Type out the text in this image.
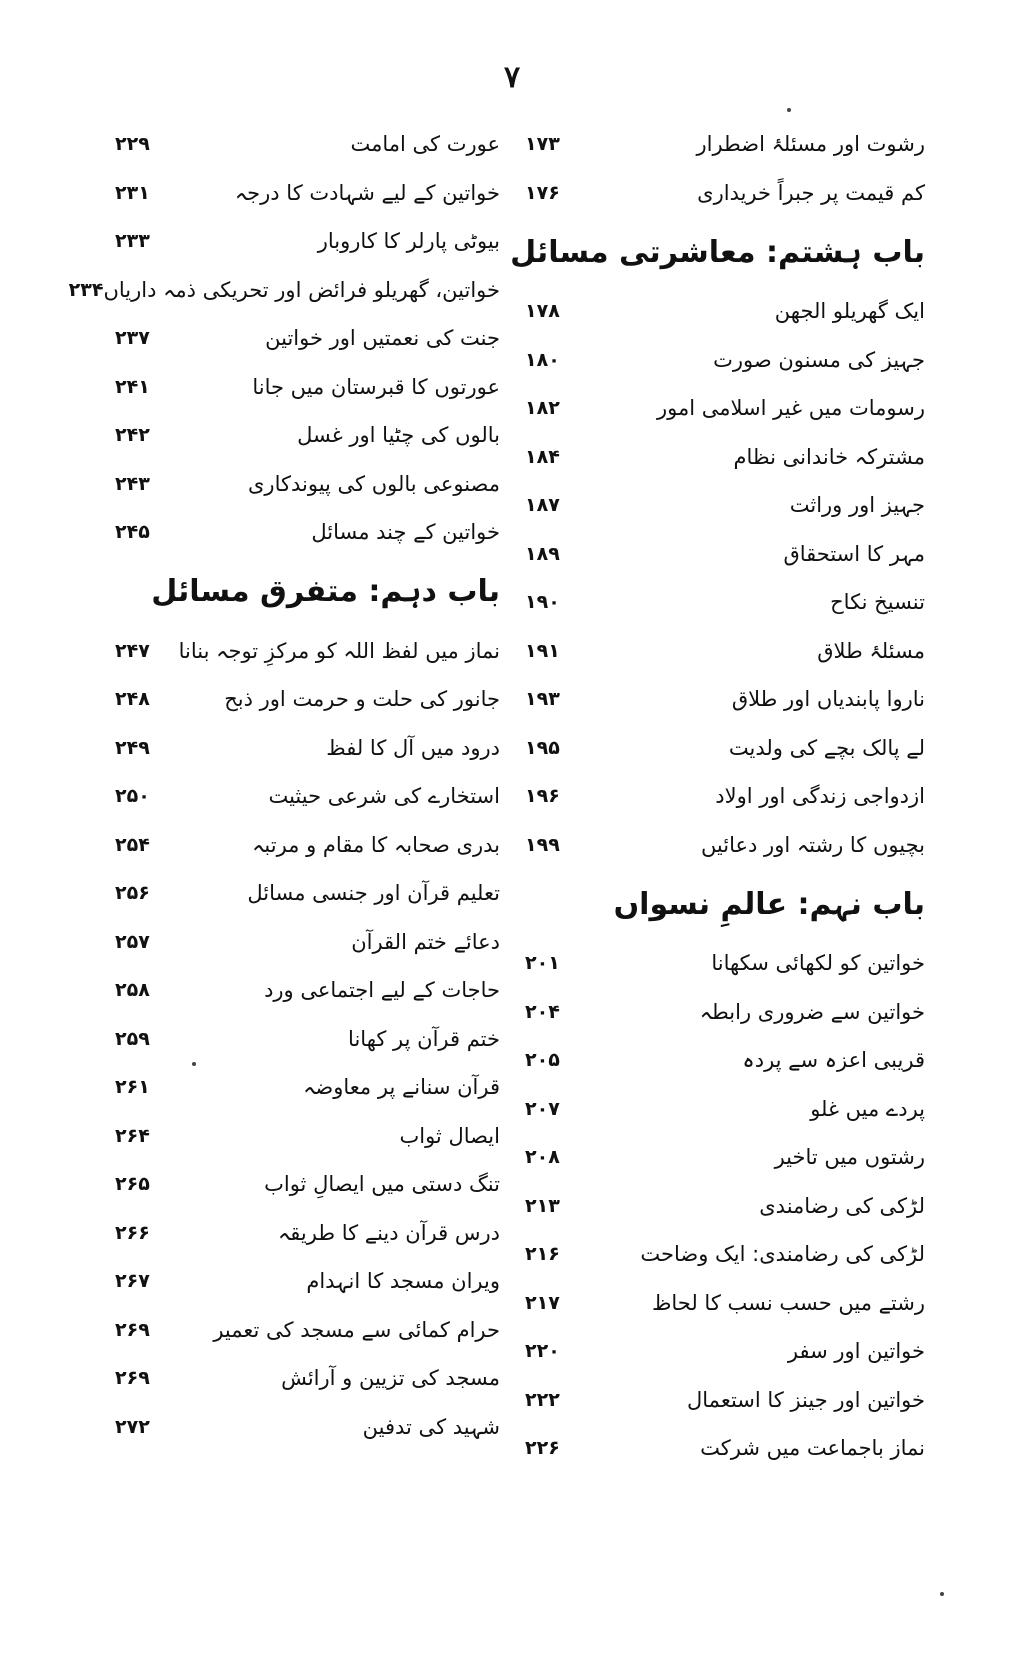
۷
رشوت اور مسئلۂ اضطرار
۱۷۳
کم قیمت پر جبراً خریداری
۱۷۶
باب ہشتم: معاشرتی مسائل
ایک گھریلو الجھن
۱۷۸
جہیز کی مسنون صورت
۱۸۰
رسومات میں غیر اسلامی امور
۱۸۲
مشترکہ خاندانی نظام
۱۸۴
جہیز اور وراثت
۱۸۷
مہر کا استحقاق
۱۸۹
تنسیخ نکاح
۱۹۰
مسئلۂ طلاق
۱۹۱
ناروا پابندیاں اور طلاق
۱۹۳
لے پالک بچے کی ولدیت
۱۹۵
ازدواجی زندگی اور اولاد
۱۹۶
بچیوں کا رشتہ اور دعائیں
۱۹۹
باب نہم: عالمِ نسواں
خواتین کو لکھائی سکھانا
۲۰۱
خواتین سے ضروری رابطہ
۲۰۴
قریبی اعزہ سے پردہ
۲۰۵
پردے میں غلو
۲۰۷
رشتوں میں تاخیر
۲۰۸
لڑکی کی رضامندی
۲۱۳
لڑکی کی رضامندی: ایک وضاحت
۲۱۶
رشتے میں حسب نسب کا لحاظ
۲۱۷
خواتین اور سفر
۲۲۰
خواتین اور جینز کا استعمال
۲۲۲
نماز باجماعت میں شرکت
۲۲۶
عورت کی امامت
۲۲۹
خواتین کے لیے شہادت کا درجہ
۲۳۱
بیوٹی پارلر کا کاروبار
۲۳۳
خواتین، گھریلو فرائض اور تحریکی ذمہ داریاں
۲۳۴
جنت کی نعمتیں اور خواتین
۲۳۷
عورتوں کا قبرستان میں جانا
۲۴۱
بالوں کی چٹیا اور غسل
۲۴۲
مصنوعی بالوں کی پیوندکاری
۲۴۳
خواتین کے چند مسائل
۲۴۵
باب دہم: متفرق مسائل
نماز میں لفظ اللہ کو مرکزِ توجہ بنانا
۲۴۷
جانور کی حلت و حرمت اور ذبح
۲۴۸
درود میں آل کا لفظ
۲۴۹
استخارے کی شرعی حیثیت
۲۵۰
بدری صحابہ کا مقام و مرتبہ
۲۵۴
تعلیم قرآن اور جنسی مسائل
۲۵۶
دعائے ختم القرآن
۲۵۷
حاجات کے لیے اجتماعی ورد
۲۵۸
ختم قرآن پر کھانا
۲۵۹
قرآن سنانے پر معاوضہ
۲۶۱
ایصال ثواب
۲۶۴
تنگ دستی میں ایصالِ ثواب
۲۶۵
درس قرآن دینے کا طریقہ
۲۶۶
ویران مسجد کا انہدام
۲۶۷
حرام کمائی سے مسجد کی تعمیر
۲۶۹
مسجد کی تزیین و آرائش
۲۶۹
شہید کی تدفین
۲۷۲
